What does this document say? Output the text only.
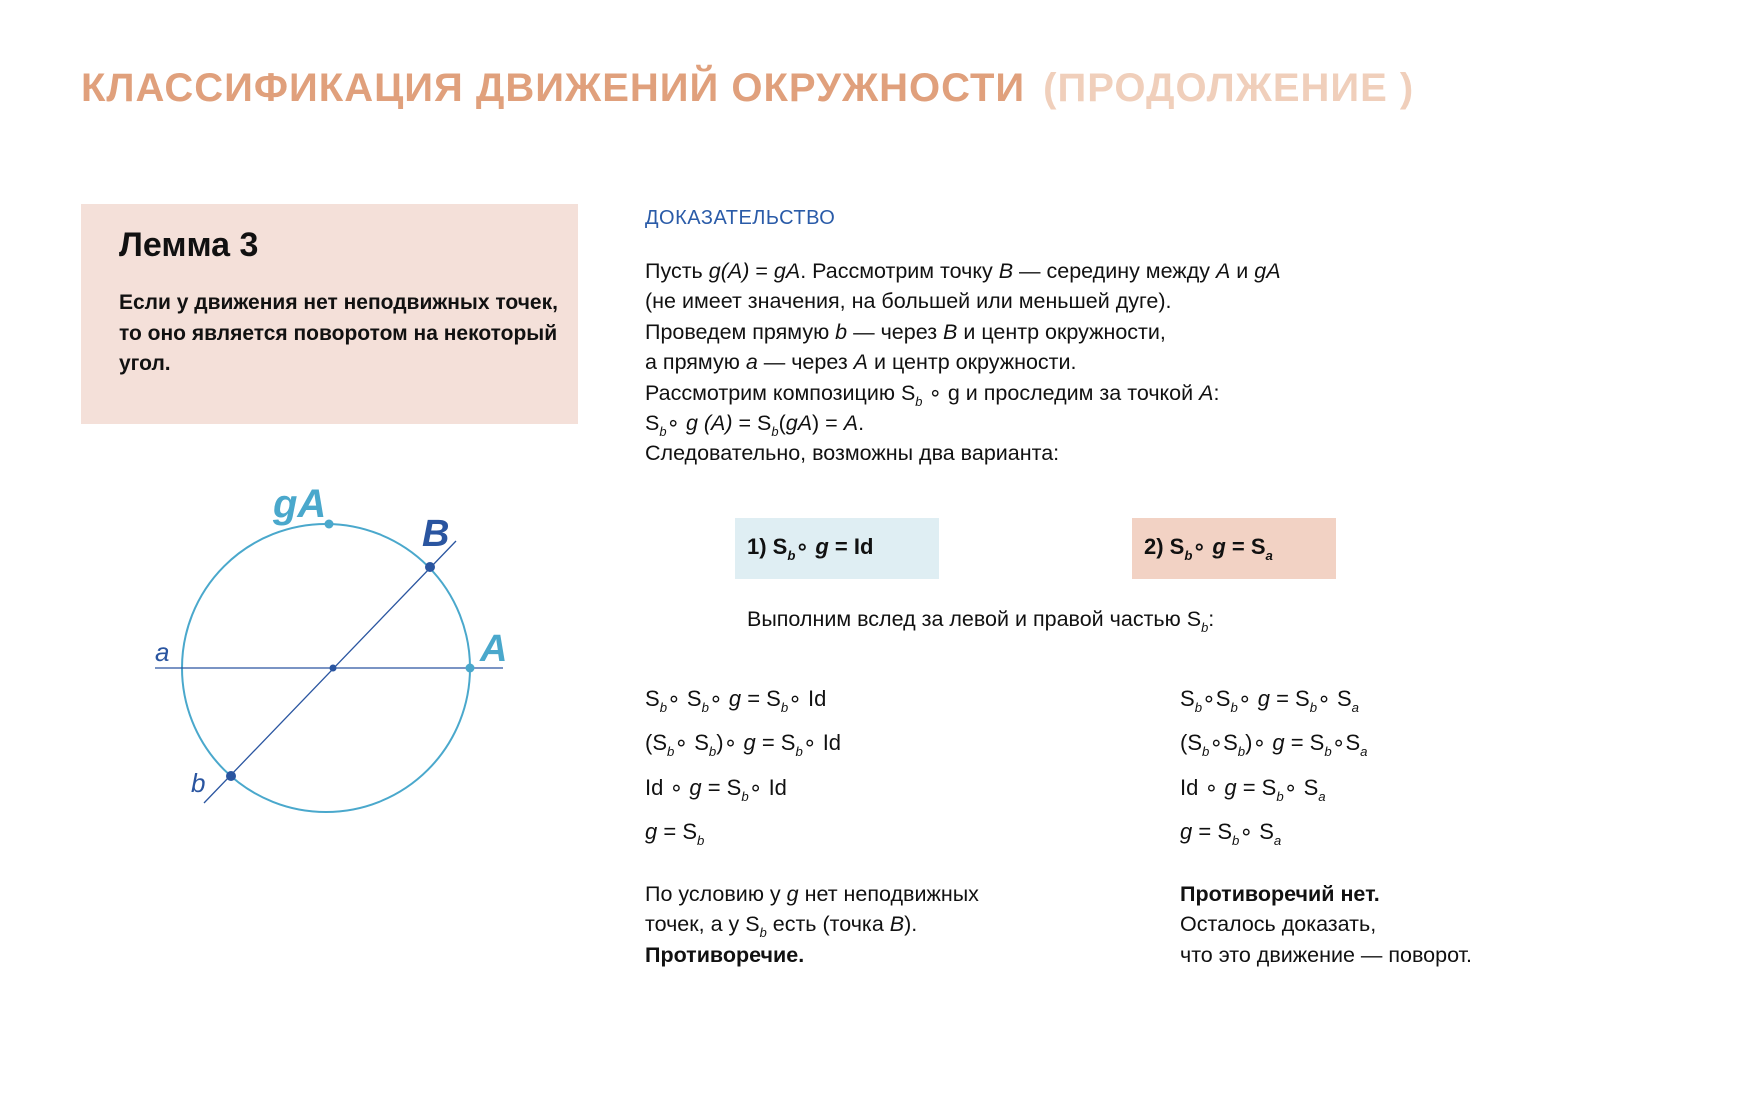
КЛАССИФИКАЦИЯ ДВИЖЕНИЙ ОКРУЖНОСТИ (ПРОДОЛЖЕНИЕ )
Лемма 3
Если у движения нет неподвижных точек, то оно является поворотом на некоторый угол.
gA
B
A
a
b
ДОКАЗАТЕЛЬСТВО
Пусть g(A) = gA. Рассмотрим точку B — середину между A и gA
(не имеет значения, на большей или меньшей дуге).
Проведем прямую b — через B и центр окружности,
а прямую a — через A и центр окружности.
Рассмотрим композицию $S_b$ ∘ g и проследим за точкой A:
$S_b\circ$ g $(A) = S_b(gA) = A$.
Следовательно, возможны два варианта:
1) $S_b\circ$ g = Id	2) $S_b\circ$ $g = S_a$
Выполним вслед за левой и правой частью $S_b$:
$S_b\circ$ $S_b\circ$ $g = S_b\circ$ Id
($S_b\circ$ $S_b)\circ$ $g = S_b\circ$ Id
Id ∘ $g = S_b\circ$ Id
$g = S_b$
$S_b\circ S_b\circ$ $g = S_b\circ$ $S_a$
$(S_b\circ S_b)\circ$ $g = S_b\circ S_a$
Id ∘ $g = S_b\circ$ $S_a$
$g = S_b\circ$ $S_a$
По условию у g нет неподвижных
точек, а у $S_b$ есть (точка B).
Противоречие.
Противоречий нет.
Осталось доказать,
что это движение — поворот.
